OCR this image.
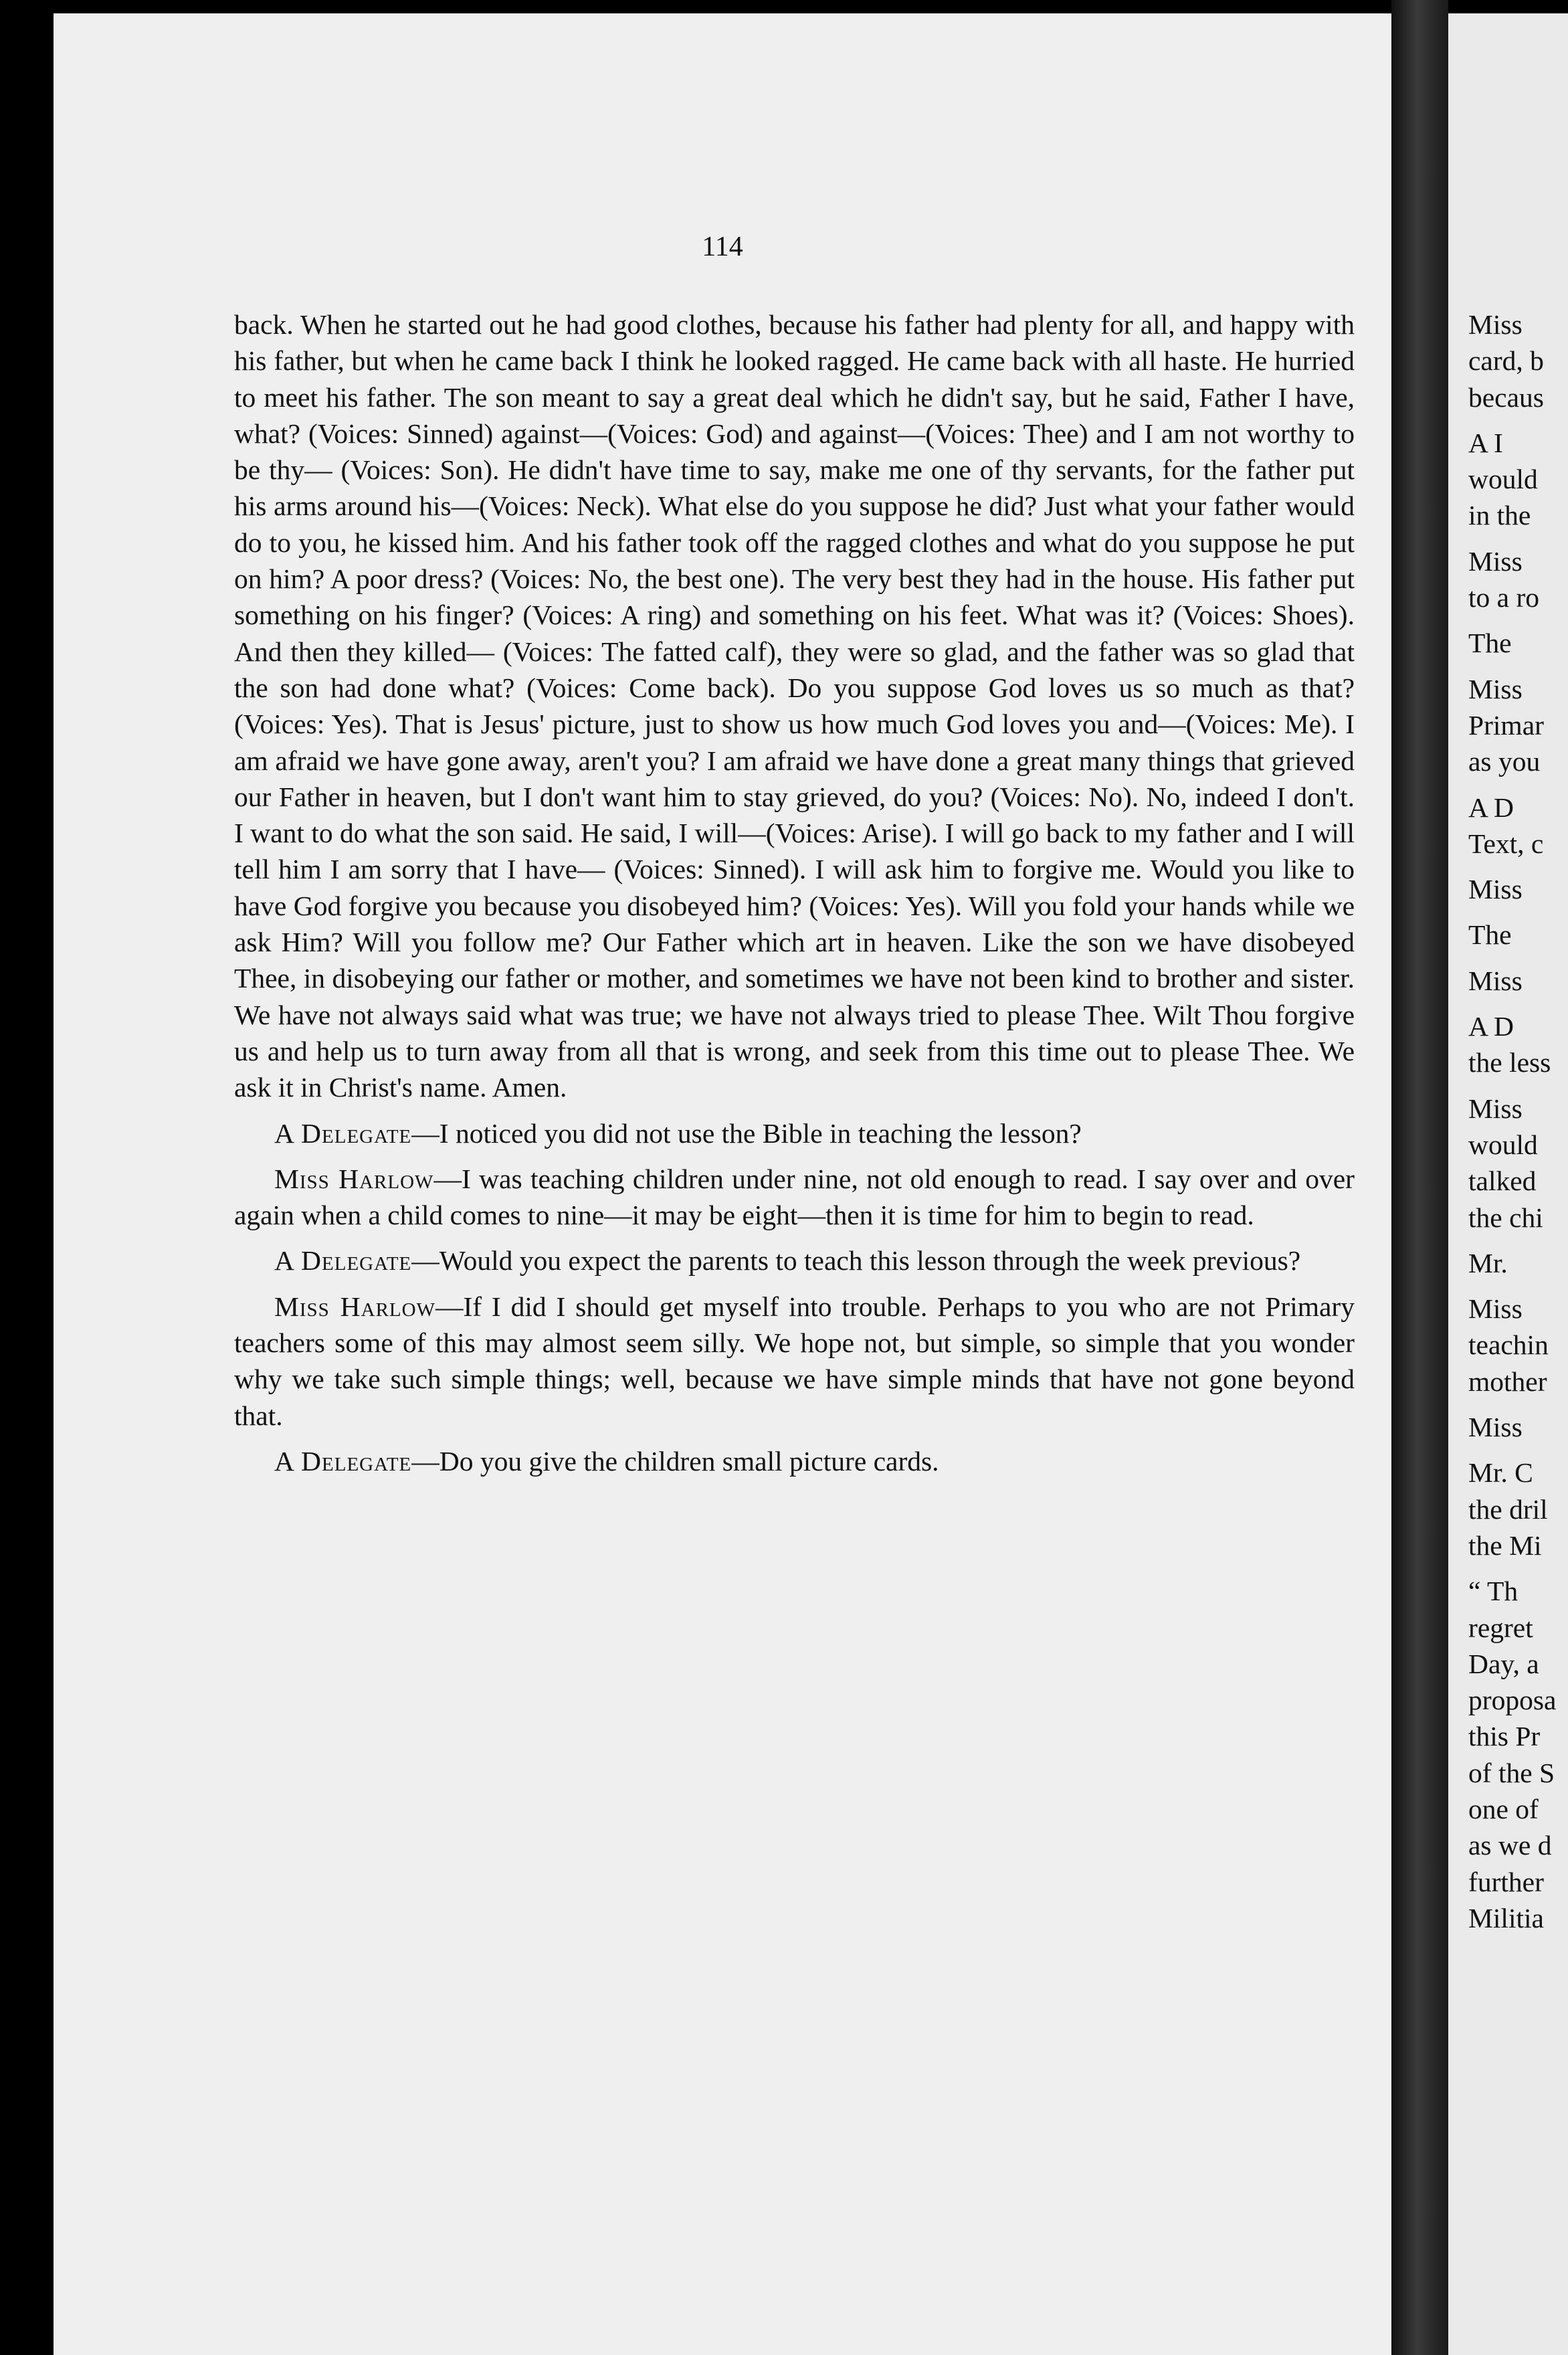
114

back. When he started out he had good clothes, because his father had plenty for all, and happy with his father, but when he came back I think he looked ragged. He came back with all haste. He hurried to meet his father. The son meant to say a great deal which he didn't say, but he said, Father I have, what? (Voices: Sinned) against—(Voices: God) and against—(Voices: Thee) and I am not worthy to be thy— (Voices: Son). He didn't have time to say, make me one of thy servants, for the father put his arms around his—(Voices: Neck). What else do you suppose he did? Just what your father would do to you, he kissed him. And his father took off the ragged clothes and what do you suppose he put on him? A poor dress? (Voices: No, the best one). The very best they had in the house. His father put something on his finger? (Voices: A ring) and something on his feet. What was it? (Voices: Shoes). And then they killed— (Voices: The fatted calf), they were so glad, and the father was so glad that the son had done what? (Voices: Come back). Do you suppose God loves us so much as that? (Voices: Yes). That is Jesus' picture, just to show us how much God loves you and—(Voices: Me). I am afraid we have gone away, aren't you? I am afraid we have done a great many things that grieved our Father in heaven, but I don't want him to stay grieved, do you? (Voices: No). No, indeed I don't. I want to do what the son said. He said, I will—(Voices: Arise). I will go back to my father and I will tell him I am sorry that I have— (Voices: Sinned). I will ask him to forgive me. Would you like to have God forgive you because you disobeyed him? (Voices: Yes). Will you fold your hands while we ask Him? Will you follow me? Our Father which art in heaven. Like the son we have disobeyed Thee, in disobeying our father or mother, and sometimes we have not been kind to brother and sister. We have not always said what was true; we have not always tried to please Thee. Wilt Thou forgive us and help us to turn away from all that is wrong, and seek from this time out to please Thee. We ask it in Christ's name. Amen.

A Delegate—I noticed you did not use the Bible in teaching the lesson?

Miss Harlow—I was teaching children under nine, not old enough to read. I say over and over again when a child comes to nine—it may be eight—then it is time for him to begin to read.

A Delegate—Would you expect the parents to teach this lesson through the week previous?

Miss Harlow—If I did I should get myself into trouble. Perhaps to you who are not Primary teachers some of this may almost seem silly. We hope not, but simple, so simple that you wonder why we take such simple things; well, because we have simple minds that have not gone beyond that.

A Delegate—Do you give the children small picture cards.

Miss
card, b
becaus
A I
would
in the
Miss
to a ro
The
Miss
Primar
as you
A D
Text, c
Miss
The
Miss
A D
the less
Miss
would
talked
the chi
Mr.
Miss
teachin
mother
Miss
Mr. C
the dril
the Mi
“ Th
regret
Day, a
proposa
this Pr
of the S
one of
as we d
further
Militia
